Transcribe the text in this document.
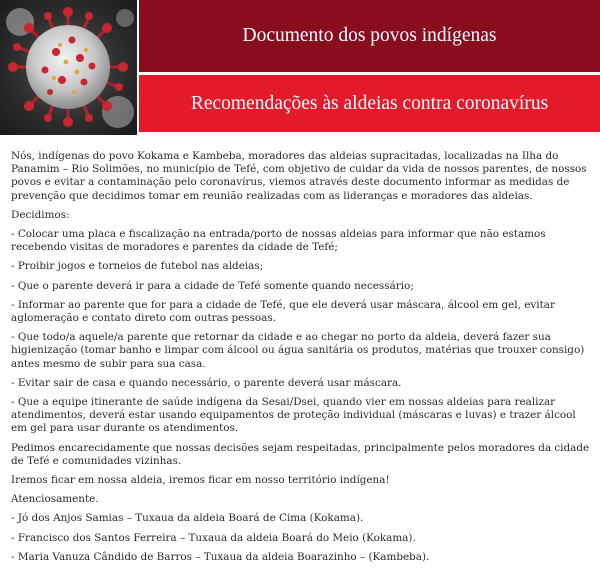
Documento dos povos indígenas
Recomendações às aldeias contra coronavírus

Nós, indígenas do povo Kokama e Kambeba, moradores das aldeias supracitadas, localizadas na Ilha do Panamim – Rio Solimões, no município de Tefé, com objetivo de cuidar da vida de nossos parentes, de nossos povos e evitar a contaminação pelo coronavírus, viemos através deste documento informar as medidas de prevenção que decidimos tomar em reunião realizadas com as lideranças e moradores das aldeias.

Decidimos:

- Colocar uma placa e fiscalização na entrada/porto de nossas aldeias para informar que não estamos recebendo visitas de moradores e parentes da cidade de Tefé;

- Proibir jogos e torneios de futebol nas aldeias;

- Que o parente deverá ir para a cidade de Tefé somente quando necessário;

- Informar ao parente que for para a cidade de Tefé, que ele deverá usar máscara, álcool em gel, evitar aglomeração e contato direto com outras pessoas.

- Que todo/a aquele/a parente que retornar da cidade e ao chegar no porto da aldeia, deverá fazer sua higienização (tomar banho e limpar com álcool ou água sanitária os produtos, matérias que trouxer consigo) antes mesmo de subir para sua casa.

- Evitar sair de casa e quando necessário, o parente deverá usar máscara.

- Que a equipe itinerante de saúde indígena da Sesai/Dsei, quando vier em nossas aldeias para realizar atendimentos, deverá estar usando equipamentos de proteção individual (máscaras e luvas) e trazer álcool em gel para usar durante os atendimentos.

Pedimos encarecidamente que nossas decisões sejam respeitadas, principalmente pelos moradores da cidade de Tefé e comunidades vizinhas.

Iremos ficar em nossa aldeia, iremos ficar em nosso território indígena!

Atenciosamente.

- Jó dos Anjos Samias – Tuxaua da aldeia Boará de Cima (Kokama).

- Francisco dos Santos Ferreira – Tuxaua da aldeia Boará do Meio (Kokama).

- Maria Vanuza Cândido de Barros – Tuxaua da aldeia Boarazinho – (Kambeba).
